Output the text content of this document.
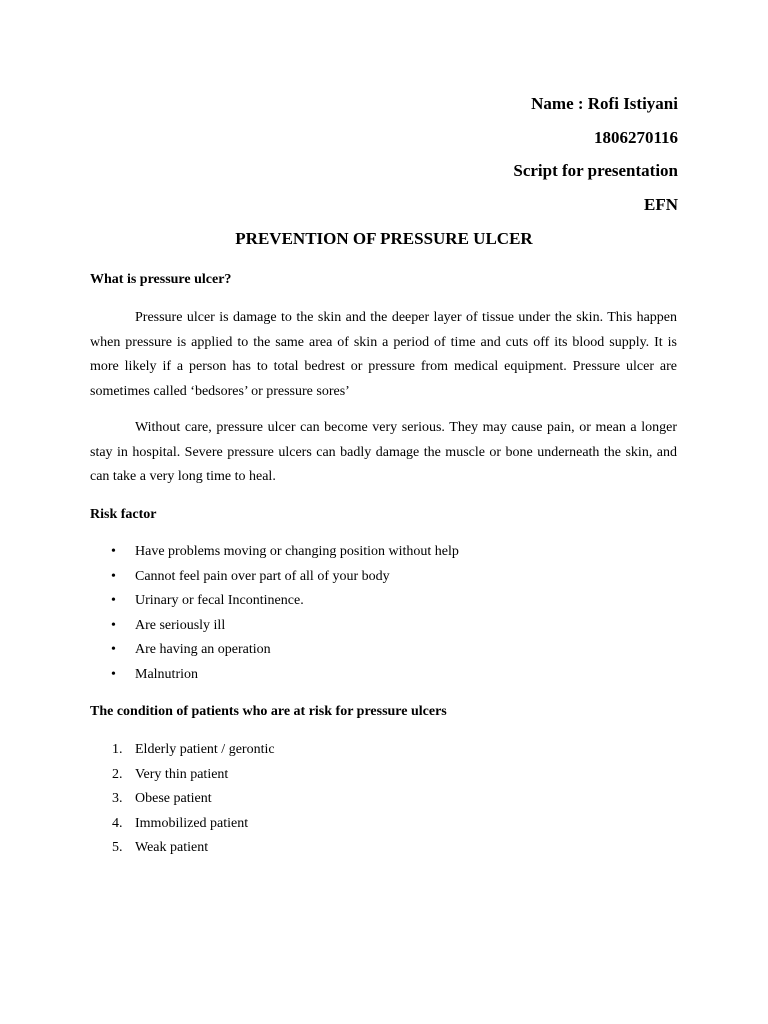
Name : Rofi Istiyani
1806270116
Script for presentation
EFN
PREVENTION OF PRESSURE ULCER
What is pressure ulcer?

Pressure ulcer is damage to the skin and the deeper layer of tissue under the skin. This happen when pressure is applied to the same area of skin a period of time and cuts off its blood supply. It is more likely if a person has to total bedrest or pressure from medical equipment. Pressure ulcer are sometimes called ‘bedsores’ or pressure sores’

Without care, pressure ulcer can become very serious. They may cause pain, or mean a longer stay in hospital. Severe pressure ulcers can badly damage the muscle or bone underneath the skin, and can take a very long time to heal.

Risk factor
• Have problems moving or changing position without help
• Cannot feel pain over part of all of your body
• Urinary or fecal Incontinence.
• Are seriously ill
• Are having an operation
• Malnutrion
The condition of patients who are at risk for pressure ulcers
1. Elderly patient / gerontic
2. Very thin patient
3. Obese patient
4. Immobilized patient
5. Weak patient
